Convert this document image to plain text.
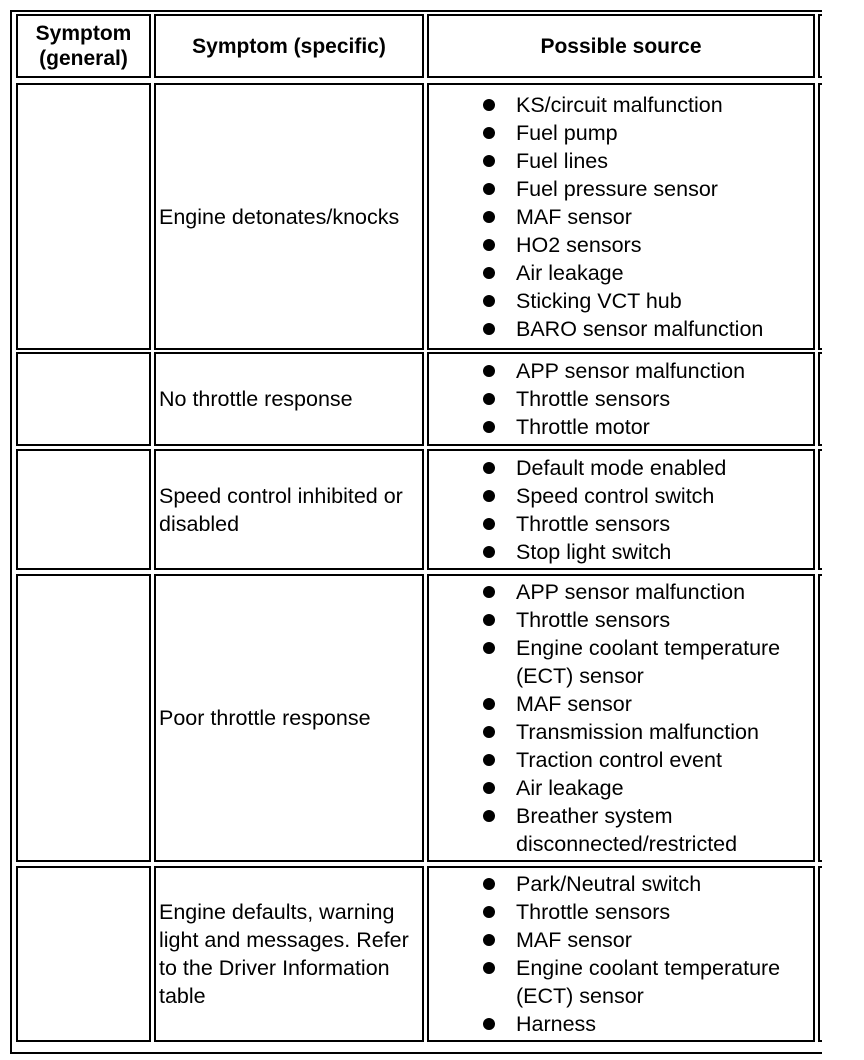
Symptom (general)
Symptom (specific)	Possible source
Engine detonates/knocks
KS/circuit malfunction
Fuel pump
Fuel lines
Fuel pressure sensor
MAF sensor
HO2 sensors
Air leakage
Sticking VCT hub
BARO sensor malfunction
No throttle response
APP sensor malfunction
Throttle sensors
Throttle motor
Speed control inhibited or disabled
Default mode enabled
Speed control switch
Throttle sensors
Stop light switch
Poor throttle response
APP sensor malfunction
Throttle sensors
Engine coolant temperature (ECT) sensor
MAF sensor
Transmission malfunction
Traction control event
Air leakage
Breather system disconnected/restricted
Engine defaults, warning light and messages. Refer to the Driver Information table
Park/Neutral switch
Throttle sensors
MAF sensor
Engine coolant temperature (ECT) sensor
Harness
